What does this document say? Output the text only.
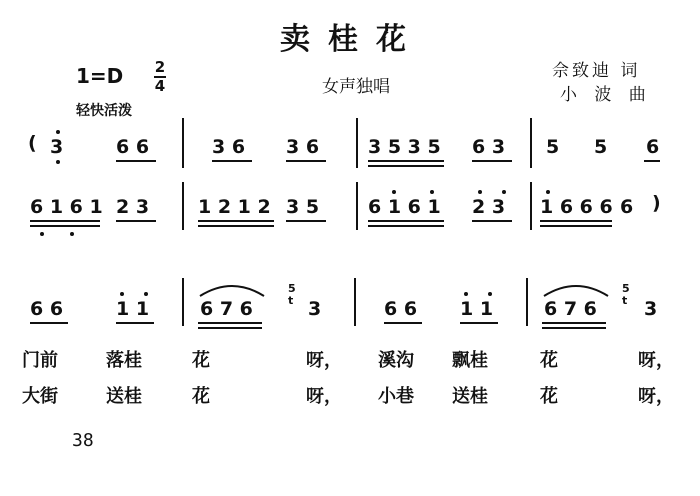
卖桂花
1=D 2
4	女声独唱
佘致迪 词
小 波 曲
轻快活泼
( 3	6 6	3 6 3 6	3 5 3 5 6 3 5 5 6
6 1 6 1 2 3	1 2 1 2 3 5	6 1 6 1 2 3 1 6 6 6 6 )
6 6	1 1	6 7 6
5
t 3	6 6 1 1	6 7 6
5
t 3
门前	落桂	花	呀， 溪沟 飘桂	花	呀，
大街	送桂	花	呀， 小巷 送桂	花	呀，
38
